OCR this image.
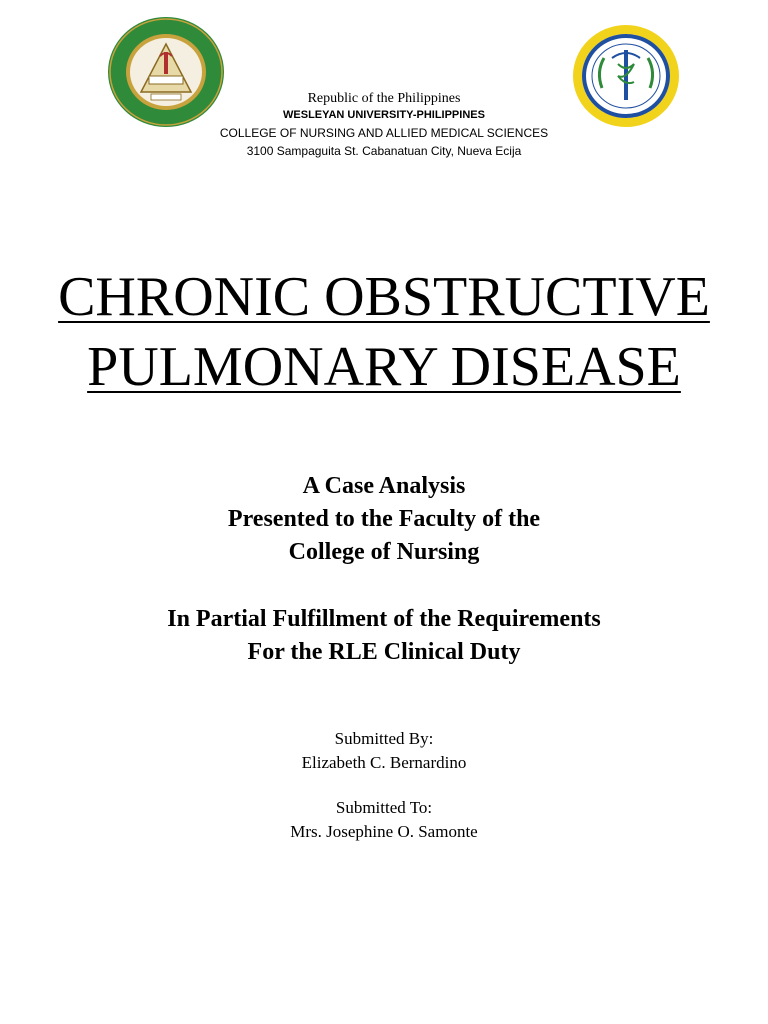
Republic of the Philippines
WESLEYAN UNIVERSITY-PHILIPPINES
COLLEGE OF NURSING AND ALLIED MEDICAL SCIENCES
3100 Sampaguita St. Cabanatuan City, Nueva Ecija
CHRONIC OBSTRUCTIVE
PULMONARY DISEASE
A Case Analysis
Presented to the Faculty of the
College of Nursing
In Partial Fulfillment of the Requirements
For the RLE Clinical Duty
Submitted By:
Elizabeth C. Bernardino
Submitted To:
Mrs. Josephine O. Samonte
